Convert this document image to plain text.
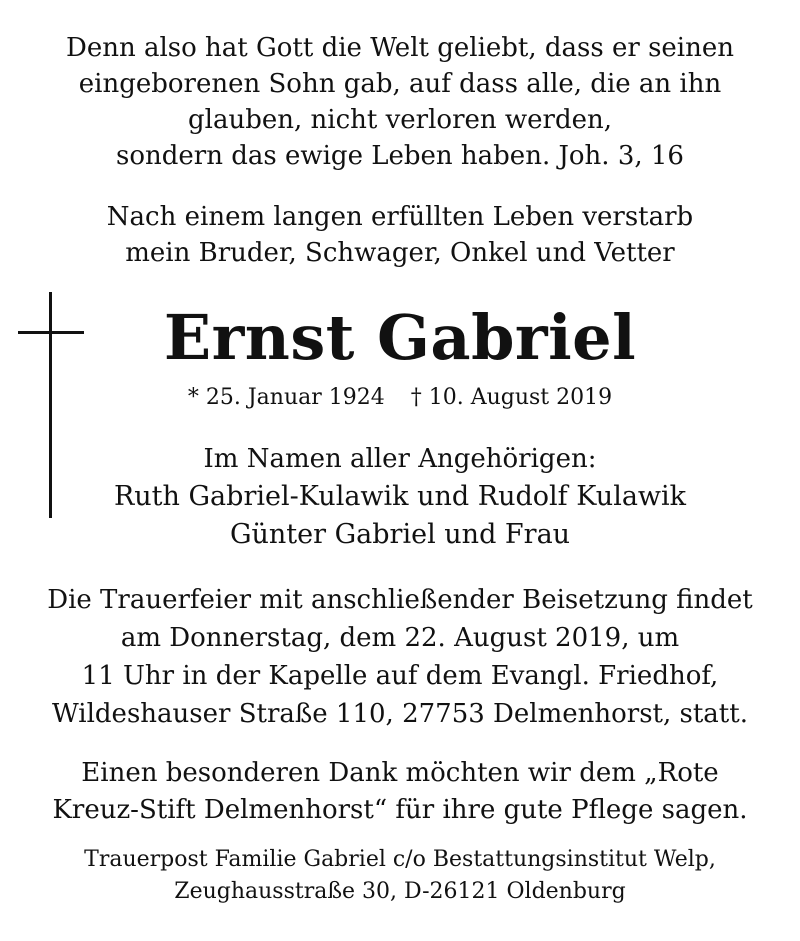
Denn also hat Gott die Welt geliebt, dass er seinen
eingeborenen Sohn gab, auf dass alle, die an ihn
glauben, nicht verloren werden,
sondern das ewige Leben haben. Joh. 3, 16
Nach einem langen erfüllten Leben verstarb
mein Bruder, Schwager, Onkel und Vetter
Ernst Gabriel
* 25. Januar 1924 † 10. August 2019
Im Namen aller Angehörigen:
Ruth Gabriel-Kulawik und Rudolf Kulawik
Günter Gabriel und Frau
Die Trauerfeier mit anschließender Beisetzung findet
am Donnerstag, dem 22. August 2019, um
11 Uhr in der Kapelle auf dem Evangl. Friedhof,
Wildeshauser Straße 110, 27753 Delmenhorst, statt.
Einen besonderen Dank möchten wir dem „Rote
Kreuz-Stift Delmenhorst“ für ihre gute Pflege sagen.
Trauerpost Familie Gabriel c/o Bestattungsinstitut Welp,
Zeughausstraße 30, D-26121 Oldenburg
